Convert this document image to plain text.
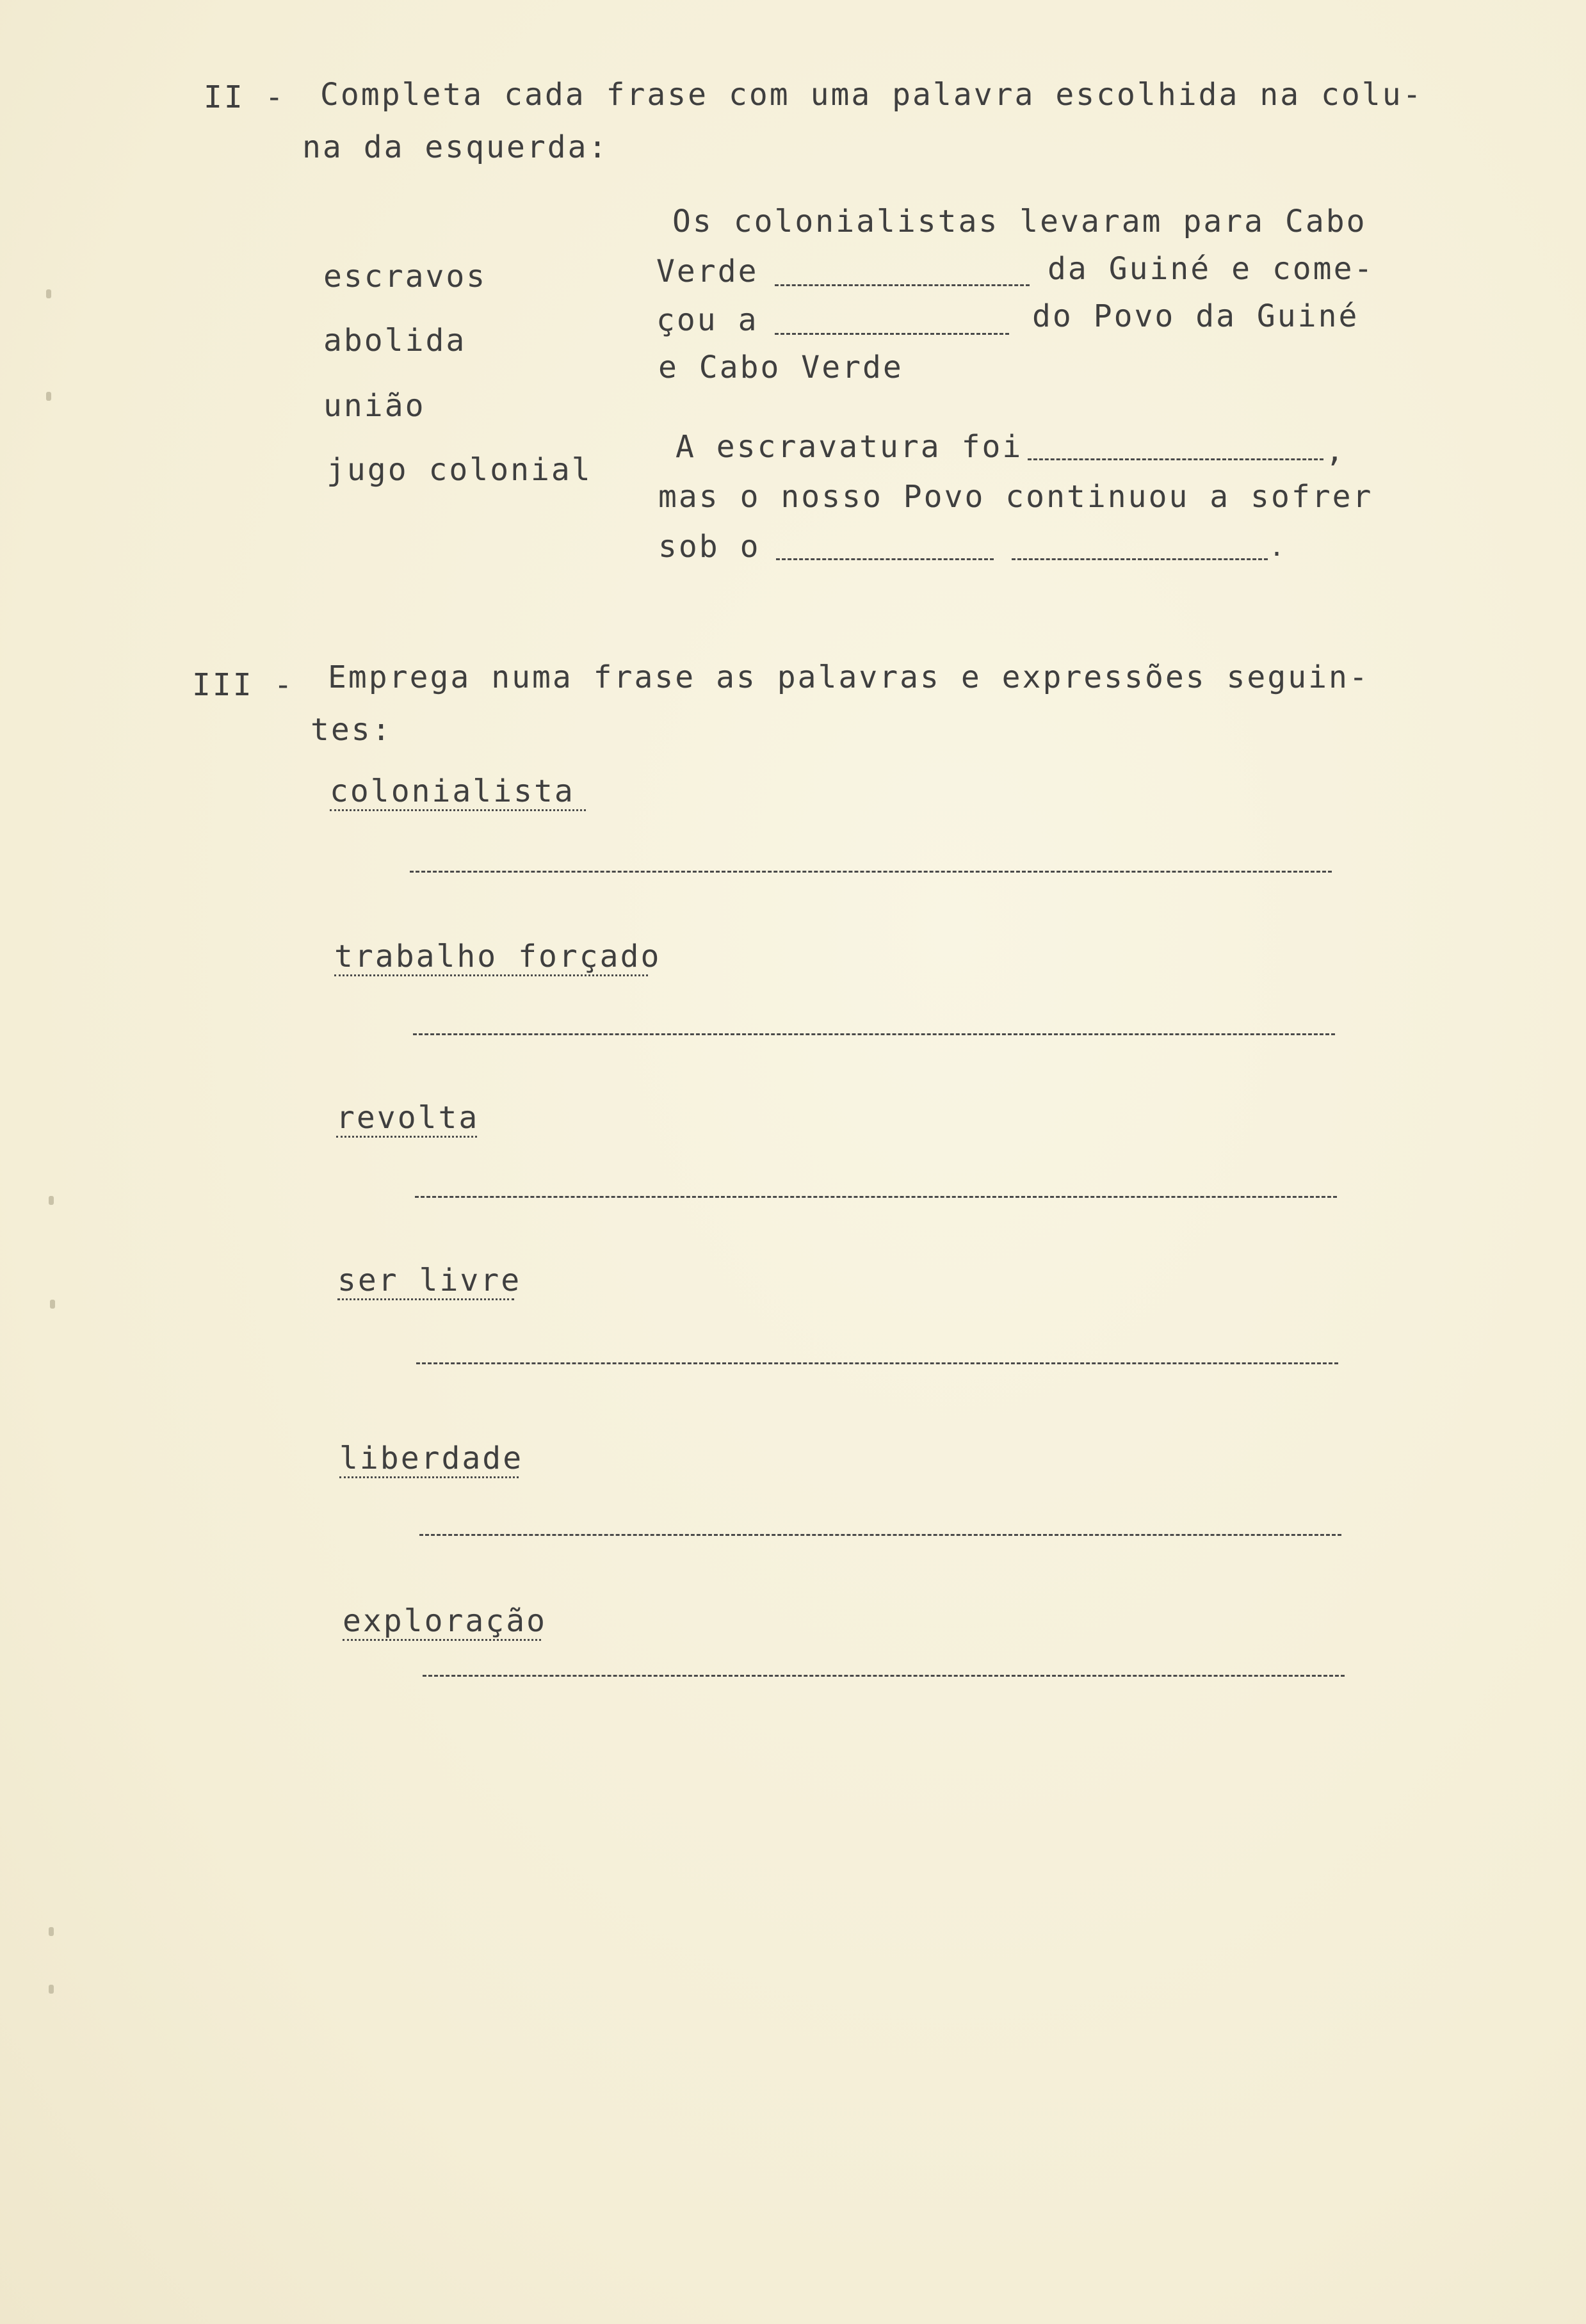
II - Completa cada frase com uma palavra escolhida na colu-
na da esquerda:
escravos
abolida
união
jugo colonial
Os colonialistas levaram para Cabo
Verde	da Guiné e come-
çou a	do Povo da Guiné
e Cabo Verde
A escravatura foi	,
mas o nosso Povo continuou a sofrer
sob o	.
III - Emprega numa frase as palavras e expressões seguin-
tes:
colonialista
trabalho forçado
revolta
ser livre
liberdade
exploração
